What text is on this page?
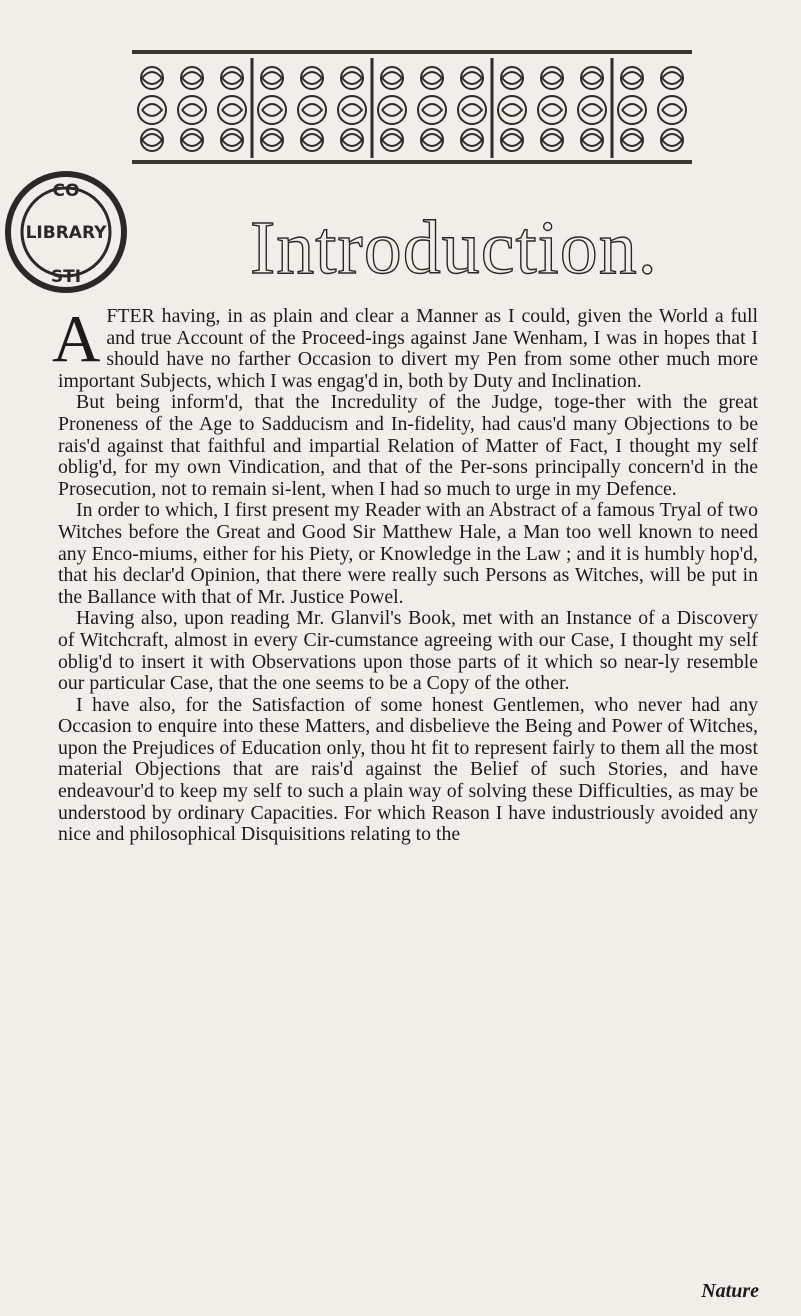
CO
LIBRARY
STI Introduction.

AFTER having, in as plain and clear a Manner as I could, given the World a full and true Account of the Proceed-ings against Jane Wenham, I was in hopes that I should have no farther Occasion to divert my Pen from some other much more important Subjects, which I was engag'd in, both by Duty and Inclination.

But being inform'd, that the Incredulity of the Judge, toge-ther with the great Proneness of the Age to Sadducism and In-fidelity, had caus'd many Objections to be rais'd against that faithful and impartial Relation of Matter of Fact, I thought my self oblig'd, for my own Vindication, and that of the Per-sons principally concern'd in the Prosecution, not to remain si-lent, when I had so much to urge in my Defence.

In order to which, I first present my Reader with an Abstract of a famous Tryal of two Witches before the Great and Good Sir Matthew Hale, a Man too well known to need any Enco-miums, either for his Piety, or Knowledge in the Law ; and it is humbly hop'd, that his declar'd Opinion, that there were really such Persons as Witches, will be put in the Ballance with that of Mr. Justice Powel.

Having also, upon reading Mr. Glanvil's Book, met with an Instance of a Discovery of Witchcraft, almost in every Cir-cumstance agreeing with our Case, I thought my self oblig'd to insert it with Observations upon those parts of it which so near-ly resemble our particular Case, that the one seems to be a Copy of the other.

I have also, for the Satisfaction of some honest Gentlemen, who never had any Occasion to enquire into these Matters, and disbelieve the Being and Power of Witches, upon the Prejudices of Education only, thou ht fit to represent fairly to them all the most material Objections that are rais'd against the Belief of such Stories, and have endeavour'd to keep my self to such a plain way of solving these Difficulties, as may be understood by ordinary Capacities. For which Reason I have industriously avoided any nice and philosophical Disquisitions relating to the

Nature
